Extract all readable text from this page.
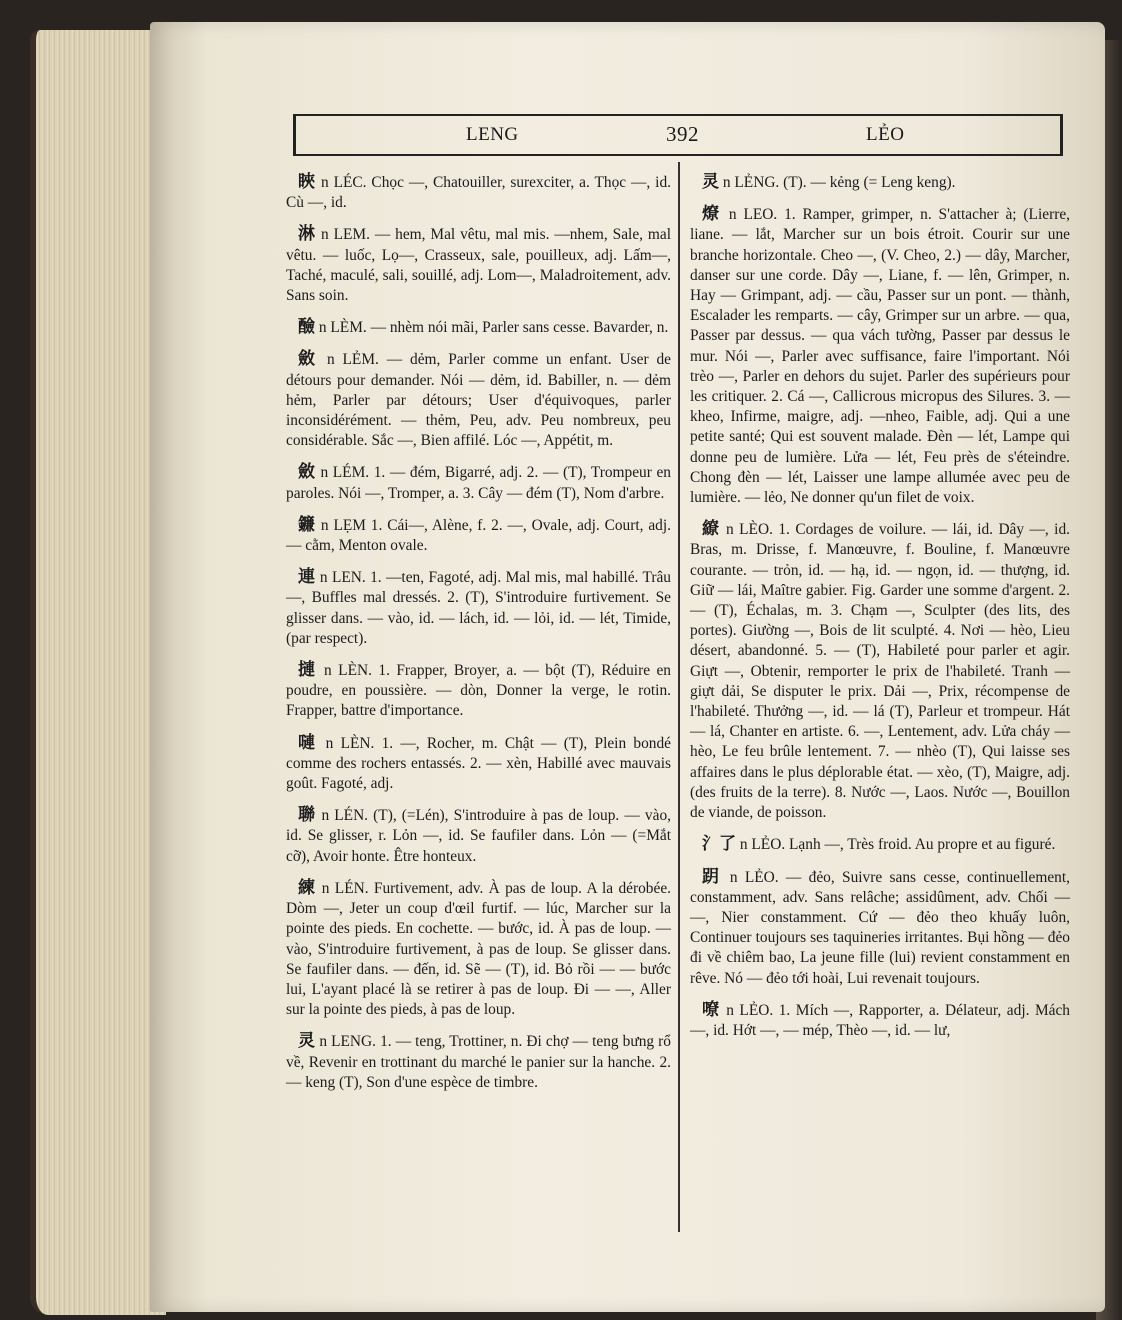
LENG	392	LẺO

䀹 n LÉC. Chọc —, Chatouiller, surexciter, a. Thọc —, id. Cù —, id.

淋 n LEM. — hem, Mal vêtu, mal mis. —nhem, Sale, mal vêtu. — luốc, Lọ—, Crasseux, sale, pouilleux, adj. Lấm—, Taché, maculé, sali, souillé, adj. Lom—, Maladroitement, adv. Sans soin.

醶 n LÈM. — nhèm nói mãi, Parler sans cesse. Bavarder, n.

斂 n LẺM. — dẻm, Parler comme un enfant. User de détours pour demander. Nói — dẻm, id. Babiller, n. — dẻm hẻm, Parler par détours; User d'équivoques, parler inconsidérément. — thẻm, Peu, adv. Peu nombreux, peu considérable. Sắc —, Bien affilé. Lóc —, Appétit, m.

斂 n LÉM. 1. — đém, Bigarré, adj. 2. — (T), Trompeur en paroles. Nói —, Tromper, a. 3. Cây — đém (T), Nom d'arbre.

鐮 n LẸM 1. Cái—, Alène, f. 2. —, Ovale, adj. Court, adj. — cằm, Menton ovale.

連 n LEN. 1. —ten, Fagoté, adj. Mal mis, mal habillé. Trâu —, Buffles mal dressés. 2. (T), S'introduire furtivement. Se glisser dans. — vào, id. — lách, id. — lỏi, id. — lét, Timide, (par respect).

摙 n LÈN. 1. Frapper, Broyer, a. — bột (T), Réduire en poudre, en poussière. — dòn, Donner la verge, le rotin. Frapper, battre d'importance.

嗹 n LÈN. 1. —, Rocher, m. Chật — (T), Plein bondé comme des rochers entassés. 2. — xèn, Habillé avec mauvais goût. Fagoté, adj.

聯 n LÉN. (T), (=Lén), S'introduire à pas de loup. — vào, id. Se glisser, r. Lỏn —, id. Se faufiler dans. Lỏn — (=Mắt cỡ), Avoir honte. Être honteux.

練 n LÉN. Furtivement, adv. À pas de loup. A la dérobée. Dòm —, Jeter un coup d'œil furtif. — lúc, Marcher sur la pointe des pieds. En cochette. — bước, id. À pas de loup. — vào, S'introduire furtivement, à pas de loup. Se glisser dans. Se faufiler dans. — đến, id. Sẽ — (T), id. Bỏ rồi — — bước lui, L'ayant placé là se retirer à pas de loup. Đi — —, Aller sur la pointe des pieds, à pas de loup.

灵 n LENG. 1. — teng, Trottiner, n. Đi chợ — teng bưng rổ về, Revenir en trottinant du marché le panier sur la hanche. 2. — keng (T), Son d'une espèce de timbre.

灵 n LẺNG. (T). — kẻng (= Leng keng).

燎 n LEO. 1. Ramper, grimper, n. S'attacher à; (Lierre, liane. — lắt, Marcher sur un bois étroit. Courir sur une branche horizontale. Cheo —, (V. Cheo, 2.) — dây, Marcher, danser sur une corde. Dây —, Liane, f. — lên, Grimper, n. Hay — Grimpant, adj. — cầu, Passer sur un pont. — thành, Escalader les remparts. — cây, Grimper sur un arbre. — qua, Passer par dessus. — qua vách tường, Passer par dessus le mur. Nói —, Parler avec suffisance, faire l'important. Nói trèo —, Parler en dehors du sujet. Parler des supérieurs pour les critiquer. 2. Cá —, Callicrous micropus des Silures. 3. — kheo, Infirme, maigre, adj. —nheo, Faible, adj. Qui a une petite santé; Qui est souvent malade. Đèn — lét, Lampe qui donne peu de lumière. Lửa — lét, Feu près de s'éteindre. Chong đèn — lét, Laisser une lampe allumée avec peu de lumière. — lẻo, Ne donner qu'un filet de voix.

繚 n LÈO. 1. Cordages de voilure. — lái, id. Dây —, id. Bras, m. Drisse, f. Manœuvre, f. Bouline, f. Manœuvre courante. — trỏn, id. — hạ, id. — ngọn, id. — thượng, id. Giữ — lái, Maître gabier. Fig. Garder une somme d'argent. 2. — (T), Échalas, m. 3. Chạm —, Sculpter (des lits, des portes). Giường —, Bois de lit sculpté. 4. Nơi — hèo, Lieu désert, abandonné. 5. — (T), Habileté pour parler et agir. Giựt —, Obtenir, remporter le prix de l'habileté. Tranh — giựt dải, Se disputer le prix. Dải —, Prix, récompense de l'habileté. Thưởng —, id. — lá (T), Parleur et trompeur. Hát — lá, Chanter en artiste. 6. —, Lentement, adv. Lửa cháy — hèo, Le feu brûle lentement. 7. — nhèo (T), Qui laisse ses affaires dans le plus déplorable état. — xèo, (T), Maigre, adj. (des fruits de la terre). 8. Nước —, Laos. Nước —, Bouillon de viande, de poisson.

氵了 n LẺO. Lạnh —, Très froid. Au propre et au figuré.

跀 n LẺO. — đẻo, Suivre sans cesse, continuellement, constamment, adv. Sans relâche; assidûment, adv. Chối — —, Nier constamment. Cứ — đẻo theo khuấy luôn, Continuer toujours ses taquineries irritantes. Bụi hồng — đẻo đi về chiêm bao, La jeune fille (lui) revient constamment en rêve. Nó — đẻo tới hoài, Lui revenait toujours.

嘹 n LẺO. 1. Mích —, Rapporter, a. Délateur, adj. Mách —, id. Hớt —, — mép, Thèo —, id. — lư,
